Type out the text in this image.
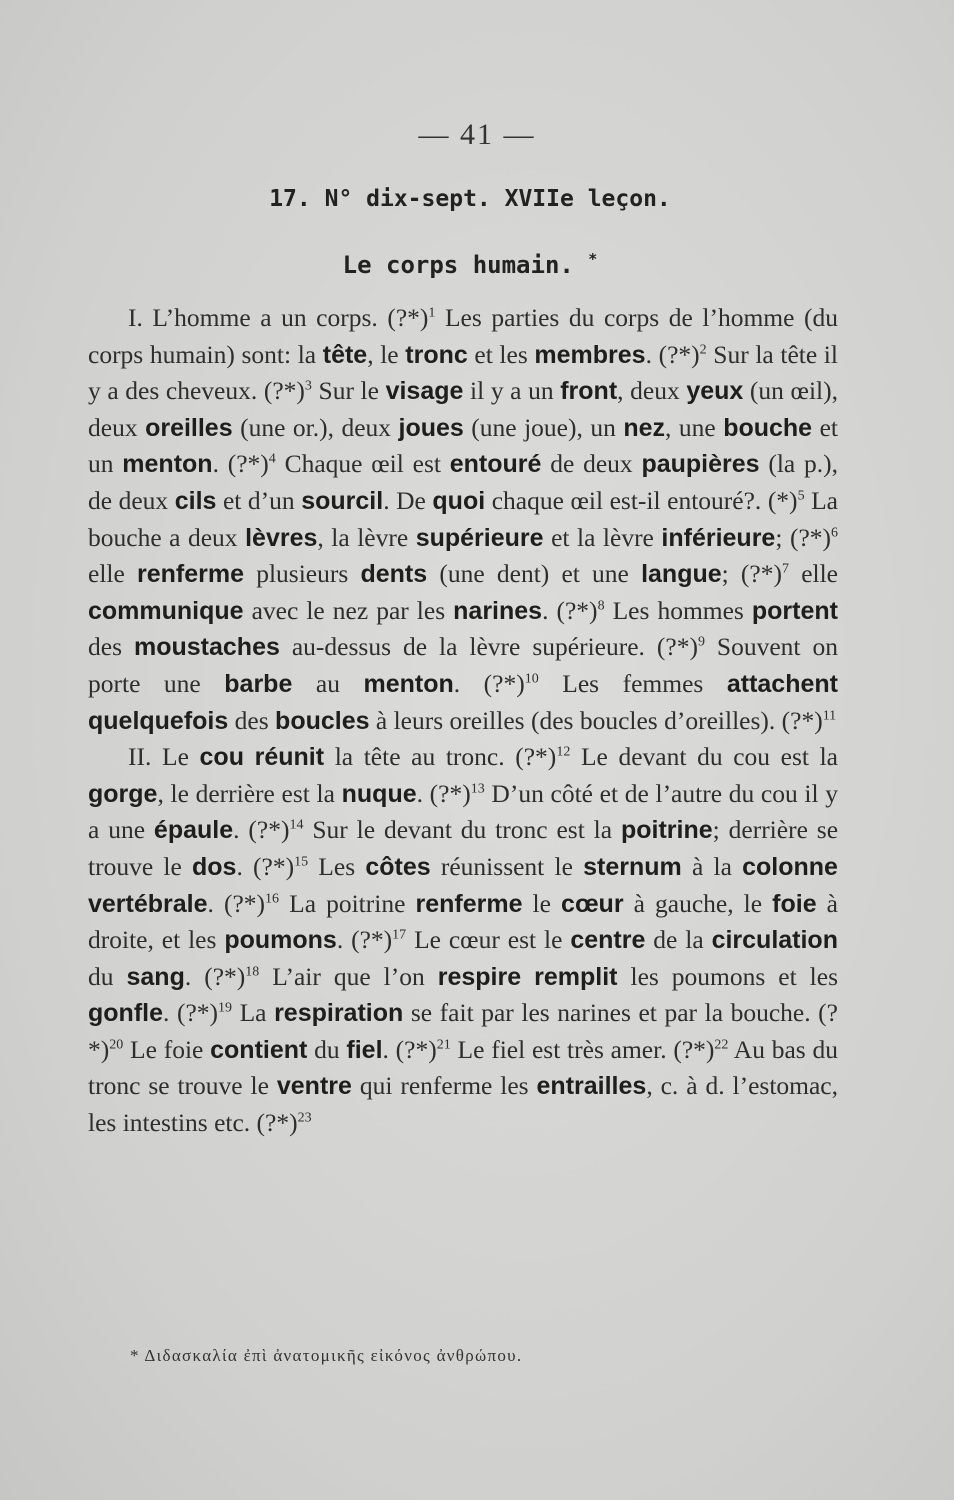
— 41 —
17. N° dix-sept. XVIIe leçon.
Le corps humain. *

I. L’homme a un corps. (?*)$^1$ Les parties du corps de l’homme (du corps humain) sont: la tête, le tronc et les membres. (?*)$^2$ Sur la tête il y a des cheveux. (?*)$^3$ Sur le visage il y a un front, deux yeux (un œil), deux oreilles (une or.), deux joues (une joue), un nez, une bouche et un menton. (?*)$^4$ Chaque œil est entouré de deux paupières (la p.), de deux cils et d’un sourcil. De quoi chaque œil est-il entouré?. $(*)^5$ La bouche a deux lèvres, la lèvre supérieure et la lèvre inférieure; (?*)$^6$ elle renferme plusieurs dents (une dent) et une langue; (?*)$^7$ elle communique avec le nez par les narines. (?*)$^8$ Les hommes portent des moustaches au-dessus de la lèvre supérieure. (?*)$^9$ Souvent on porte une barbe au menton. (?*)$^{10}$ Les femmes attachent quelquefois des boucles à leurs oreilles (des boucles d’oreilles). (?*)$^{11}$

II. Le cou réunit la tête au tronc. (?*)$^{12}$ Le devant du cou est la gorge, le derrière est la nuque. (?*)$^{13}$ D’un côté et de l’autre du cou il y a une épaule. (?*)$^{14}$ Sur le devant du tronc est la poitrine; derrière se trouve le dos. (?*)$^{15}$ Les côtes réunissent le sternum à la colonne vertébrale. (?*)$^{16}$ La poitrine renferme le cœur à gauche, le foie à droite, et les poumons. (?*)$^{17}$ Le cœur est le centre de la circulation du sang. (?*)$^{18}$ L’air que l’on respire remplit les poumons et les gonfle. (?*)$^{19}$ La respiration se fait par les narines et par la bouche. (?*)$^{20}$ Le foie contient du fiel. (?*)$^{21}$ Le fiel est très amer. (?*)$^{22}$ Au bas du tronc se trouve le ventre qui renferme les entrailles, c. à d. l’estomac, les intestins etc. (?*)$^{23}$

* Διδασκαλία ἐπὶ ἀνατομικῆς εἰκόνος ἀνθρώπου.
